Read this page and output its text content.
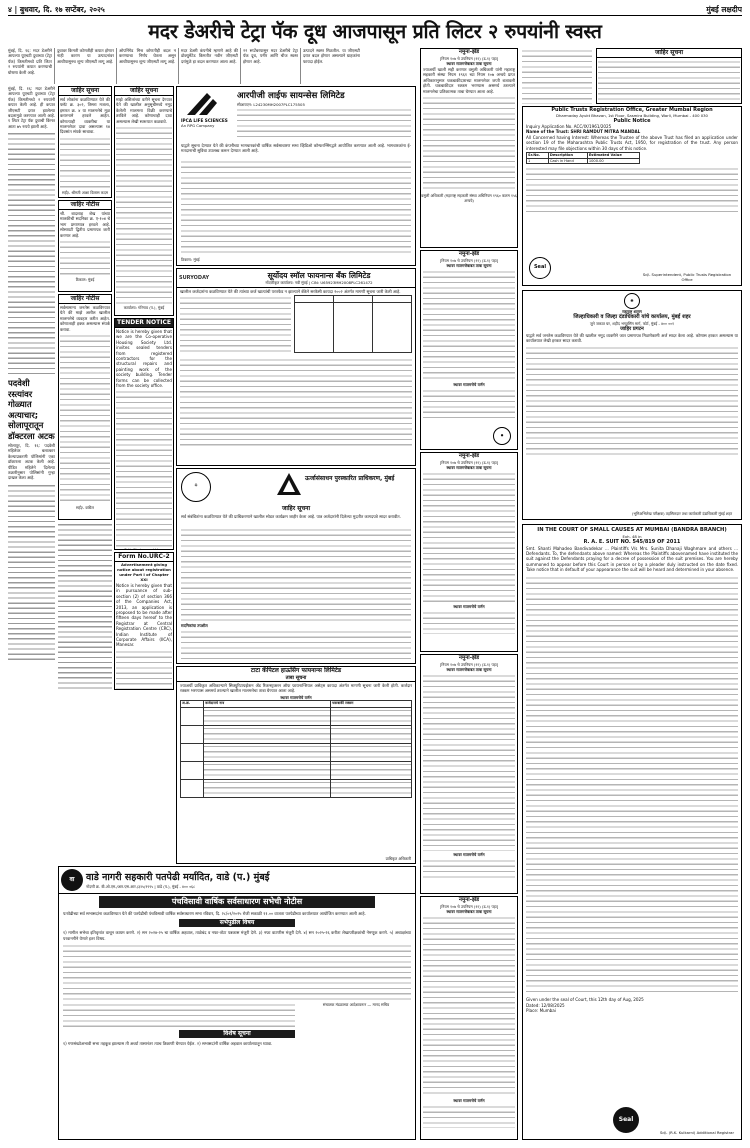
४ | बुधवार, दि. १७ सप्टेंबर, २०२५	मुंबई लक्षदीप
मदर डेअरीचे टेट्रा पॅक दूध आजपासून प्रति लिटर २ रुपयांनी स्वस्त
मुंबई, दि. १६: मदर डेअरीने आपल्या यूएचटी दुधाच्या (टेट्रा पॅक) किमतीमध्ये प्रति लिटर २ रुपयांनी कपात करण्याची घोषणा केली आहे.
दुधावर किमती कोणतीही कपात होणार नाही कारण या उत्पादनांवर आधीपासूनच शून्य जीएसटी लागू आहे.
ओपनिंगेड मिश्र कोणतीही बदल न करण्याचा निर्णय घेतला असून आधीपासूनच शून्य जीएसटी लागू आहे.
मदर डेअरी कंपनीचे म्हणणे आहे की डोक्युमेंटेड किमतीत नवीन जीएसटी दरांमुळे हा बदल करण्यात आला आहे.
२२ सप्टेंबरपासून मदर डेअरीचे टेट्रा पॅक दूध, पनीर आणि चीज स्वस्त होणार आहे.
उत्पादने स्वस्त मिळतील. या जीएसटी दरात बदल होणार असल्याने ग्राहकांना फायदा होईल.
मुंबई, दि. १६: मदर डेअरीने आपल्या यूएचटी दुधाच्या (टेट्रा पॅक) किमतीमध्ये २ रुपयांनी कपात केली आहे. ही कपात जीएसटी दरात झालेल्या बदलामुळे करण्यात आली आहे. १ लिटर टेट्रा पॅक दुधाची किंमत आता ७५ रुपये झाली आहे.
पदवेशी रस्त्यांवर गोळ्यात अत्याचार; सोलापूरातून डॉक्टरला अटक
सोलापूर, दि. १६: पदवेशी महिलेवर बलात्कार केल्याप्रकरणी पोलिसांनी एका डॉक्टरला अटक केली आहे. पीडित महिलेने दिलेल्या तक्रारीनुसार पोलिसांनी गुन्हा दाखल केला आहे.
जाहिर सूचना
सर्व लोकांना कळविण्यात येते की फ्लॅट क्र. ३०२, तिसरा मजला, इमारत क्र. ४ या मालमत्तेचे मूळ करारनामे हरवले आहेत. कोणत्याही व्यक्तीचा या मालमत्तेवर दावा असल्यास १४ दिवसांत संपर्क साधावा.
सही/- श्रीमती आशा विलास कदम
जाहिर नोटीस
श्री. बादशाह शेख यांच्या मालकीची सदनिका क्र. ए-१०४ चे भाग प्रमाणपत्र हरवले आहे. सोसायटी द्वितीय प्रमाणपत्र जारी करणार आहे.
ठिकाण: मुंबई
जाहिर नोटीस
सर्वसामान्य जनतेस कळविण्यात येते की माझे अशील खालील मालमत्तेचे व्यवहार करीत आहेत. कोणालाही हक्क असल्यास संपर्क करावा.
सही/- वकील
जाहिर सूचना
माझे अशिलांच्या वतीने सूचना देण्यात येते की खालील अनुसूचीमध्ये नमूद केलेली मालमत्ता विक्री करण्याचे ठरविले आहे. कोणाचाही दावा असल्यास लेखी स्वरूपात कळवावे.
कार्यालय: गोरेगाव (प.), मुंबई
TENDER NOTICE
Notice is hereby given that we are the Co-operative Housing Society Ltd. invites sealed tenders from registered contractors for the structural repairs and painting work of the society building. Tender forms can be collected from the society office.
Sd/- Chairman / Hon.
Form No.URC-2
Advertisement giving notice about registration under Part I of Chapter XXI
Notice is hereby given that in pursuance of sub-section (2) of section 366 of the Companies Act, 2013, an application is proposed to be made after fifteen days hereof to the Registrar at Central Registration Centre (CRC), Indian Institute of Corporate Affairs (IICA), Manesar.
IPCA LIFE SCIENCES
An RPG Company
आरपीजी लाईफ सायन्सेस लिमिटेड
सीआयएन: L24230MH2007PLC175505
याद्वारे सूचना देण्यात येते की कंपनीच्या भागधारकांची वार्षिक सर्वसाधारण सभा व्हिडिओ कॉन्फरन्सिंगद्वारे आयोजित करण्यात आली आहे. भागधारकांना ई-मतदानाची सुविधा उपलब्ध करून देण्यात आली आहे.
ठिकाण: मुंबई
SURYODAY	सूर्योदय स्मॉल फायनान्स बँक लिमिटेड
नोंदणीकृत कार्यालय: नवी मुंबई | CIN: U65923MH2008PLC261472
खालील कर्जदारांना कळविण्यात येते की त्यांच्या कर्ज खात्यांची परतफेड न झाल्याने बँकेने सरफेसी कायदा २००२ अंतर्गत मागणी सूचना जारी केली आहे.

⚘
ऊर्जासंसाधन पुरस्कारित प्राधिकरण, मुंबई
जाहिर सूचना
सर्व संबंधितांना कळविण्यात येते की प्राधिकरणाने खालील सोडत कार्यक्रम जाहीर केला आहे. पात्र अर्जदारांनी दिलेल्या मुदतीत कागदपत्रे सादर करावीत.
सदनिकांचा तपशील
टाटा कॅपिटल हाऊसिंग फायनान्स लिमिटेड
ताबा सूचना
ज्याअर्थी प्राधिकृत अधिकाऱ्याने सिक्युरिटायझेशन अँड रिकन्स्ट्रक्शन ऑफ फायनान्शियल असेट्स कायदा अंतर्गत मागणी सूचना जारी केली होती. कर्जदार रक्कम भरण्यास असमर्थ ठरल्याने खालील मालमत्तेचा ताबा घेण्यात आला आहे.
स्थावर मालमत्तेचे वर्णन
अ.क्र.	कर्जदाराचे नाव	थकबाकी रक्कम

प्राधिकृत अधिकारी
वा	वाडे नागरी सहकारी पतपेढी मर्यादित, वाडे (प.) मुंबई
नोंदणी क्र. बी.ओ.एम./आर.एस.आर./३२५/१९९५ | वाडे (प.), मुंबई - ४०० ०६८
पंचविसावी वार्षिक सर्वसाधारण सभेची नोटीस
पतपेढीच्या सर्व सभासदांना कळविण्यात येते की पतपेढीची पंचविसावी वार्षिक सर्वसाधारण सभा रविवार, दि. २८/०९/२०२५ रोजी सकाळी ११.०० वाजता पतपेढीच्या कार्यालयात आयोजित करण्यात आली आहे.
सभेपुढील विषय
१) मागील सभेचा इतिवृत्तांत वाचून कायम करणे. २) सन २०२४-२५ चा वार्षिक अहवाल, ताळेबंद व नफा-तोटा पत्रकास मंजुरी देणे. ३) नफा वाटणीस मंजुरी देणे. ४) सन २०२५-२६ करीता लेखापरीक्षकांची नेमणूक करणे. ५) अध्यक्षांच्या परवानगीने येणारे इतर विषय.
संचालक मंडळाच्या आदेशावरून — मानद सचिव
विशेष सूचना
१) गणसंख्येअभावी सभा तहकूब झाल्यास ती अर्ध्या तासानंतर त्याच ठिकाणी घेण्यात येईल. २) सभासदांनी वार्षिक अहवाल कार्यालयातून घ्यावा.
नमुना-झेड
[नियम १०७ चे उपनियम (११) (ड-१) पहा]
स्थावर मालमत्तेबाबत ताबा सूचना
ज्याअर्थी खाली सही करणार वसुली अधिकारी यांनी महाराष्ट्र सहकारी संस्था नियम १९६१ च्या नियम १०७ अन्वये प्राप्त अधिकारानुसार थकबाकीदाराच्या मालमत्तेवर जप्ती बजावली होती. थकबाकीदार रक्कम भरण्यास असमर्थ ठरल्याने मालमत्तेचा प्रतिकात्मक ताबा घेण्यात आला आहे.
वसुली अधिकारी (महाराष्ट्र सहकारी संस्था अधिनियम १९६० कलम १५६ अन्वये)
नमुना-झेड
[नियम १०७ चे उपनियम (११) (ड-१) पहा]
स्थावर मालमत्तेबाबत ताबा सूचना
स्थावर मालमत्तेचे वर्णन
●
नमुना-झेड
[नियम १०७ चे उपनियम (११) (ड-१) पहा]
स्थावर मालमत्तेबाबत ताबा सूचना
स्थावर मालमत्तेचे वर्णन
नमुना-झेड
[नियम १०७ चे उपनियम (११) (ड-१) पहा]
स्थावर मालमत्तेबाबत ताबा सूचना
स्थावर मालमत्तेचे वर्णन
नमुना-झेड
[नियम १०७ चे उपनियम (११) (ड-१) पहा]
स्थावर मालमत्तेबाबत ताबा सूचना
स्थावर मालमत्तेचे वर्णन
जाहिर सूचना
Public Trusts Registration Office, Greater Mumbai Region
Dharmaday Ayukt Bhavan, 1st Floor, Sasmira Building, Worli, Mumbai - 400 030
Public Notice
Inquiry Application No. ACC/IX/1961/2025
Name of the Trust: SHRI RAMDUT MITRA MANDAL
All Concerned having Interest: Whereas the Trustee of the above Trust has filed an application under section 19 of the Maharashtra Public Trusts Act, 1950, for registration of the trust. Any person interested may file objections within 30 days of this notice.
Sr.No.	Description	Estimated Value
1	Cash in Hand	1000.00
Seal
Sd/- Superintendent, Public Trusts Registration Office
✺
महाराष्ट्र शासन
जिल्हाधिकारी व जिल्हा दंडाधिकारी यांचे कार्यालय, मुंबई शहर
जुने जकात घर, शहीद भगतसिंग मार्ग, फोर्ट, मुंबई - ४०० ००१
जाहिर प्रगटन
याद्वारे सर्व जनतेस कळविण्यात येते की खालील नमूद व्यक्तीने जात प्रमाणपत्र मिळणेकामी अर्ज सादर केला आहे. कोणास हरकत असल्यास या कार्यालयात लेखी हरकत सादर करावी.
(भूमिअभिलेख परीक्षक) तहसिलदार तथा कार्यकारी दंडाधिकारी मुंबई शहर
IN THE COURT OF SMALL CAUSES AT MUMBAI (BANDRA BRANCH)
Exh. 48 in
R. A. E. SUIT NO. 545/819 OF 2011
Smt. Shanti Mahadeo Bandivadekar ... Plaintiffs V/s Mrs. Sunita Dhanaji Waghmare and others ... Defendants. To, the defendants above named: Whereas the Plaintiffs abovenamed have instituted the suit against the Defendants praying for a decree of possession of the suit premises. You are hereby summoned to appear before this Court in person or by a pleader duly instructed on the date fixed. Take notice that in default of your appearance the suit will be heard and determined in your absence.
Given under the seal of Court, this 12th day of Aug, 2025
Dated: 12/08/2025
Place: Mumbai
Seal
Sd/- (R.K. Kulkarni) Additional Registrar
